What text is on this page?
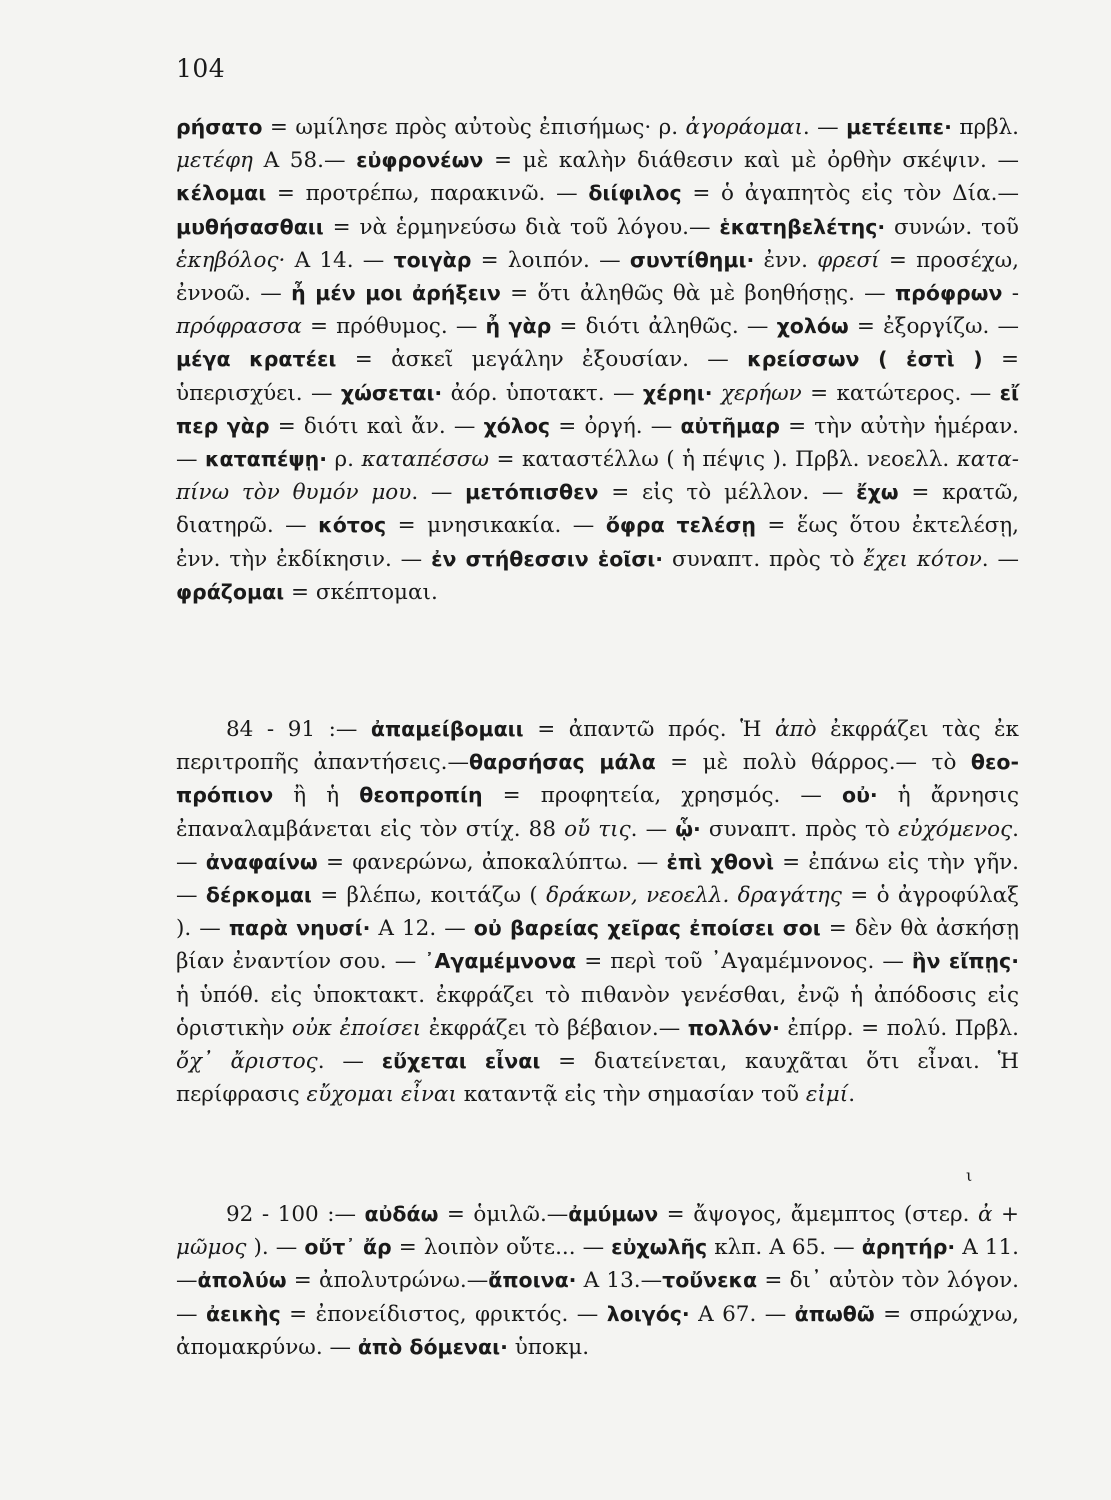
104
ρήσατο = ωμίλησε πρὸς αὐτοὺς ἐπισήμως· ρ. ἀγοράομαι. — μετέειπε· πρβλ. μετέφη Α 58.— εὐφρονέων = μὲ καλὴν διάθεσιν καὶ μὲ ὀρθὴν σκέψιν. — κέλομαι = προτρέπω, παρακινῶ. — διίφιλος = ὁ ἀγαπητὸς εἰς τὸν Δία.— μυθήσασθαιι = νὰ ἑρμηνεύσω διὰ τοῦ λόγου.— ἑκατηβελέτης· συνών. τοῦ ἑκηβόλος· Α 14. — τοιγὰρ = λοιπόν. — συντίθημι· ἐνν. φρεσί = προσέχω, ἐννοῶ. — ἦ μέν μοι ἀρήξειν = ὅτι ἀληθῶς θὰ μὲ βοηθήσῃς. — πρόφρων - πρόφρασσα = πρόθυμος. — ἦ γὰρ = διότι ἀληθῶς. — χολόω = ἐξοργίζω. — μέγα κρατέει = ἀσκεῖ μεγάλην ἐξουσίαν. — κρείσσων ( ἐστὶ ) = ὑπερισχύει. — χώσεται· ἀόρ. ὑποτακτ. — χέρηι· χερήων = κατώτερος. — εἴ περ γὰρ = διότι καὶ ἄν. — χόλος = ὀργή. — αὐτῆμαρ = τὴν αὐτὴν ἡμέραν. — καταπέψῃ· ρ. καταπέσσω = καταστέλλω ( ἡ πέψις ). Πρβλ. νεοελλ. καταπίνω τὸν θυμόν μου. — μετόπισθεν = εἰς τὸ μέλλον. — ἔχω = κρατῶ, διατηρῶ. — κότος = μνησικακία. — ὄφρα τελέσῃ = ἕως ὅτου ἐκτελέσῃ, ἐνν. τὴν ἐκδίκησιν. — ἐν στήθεσσιν ἑοῖσι· συναπτ. πρὸς τὸ ἔχει κότον. — φράζομαι = σκέπτομαι.
84 - 91 :— ἀπαμείβομαιι = ἀπαντῶ πρός. Ἡ ἀπὸ ἐκφράζει τὰς ἐκ περιτροπῆς ἀπαντήσεις.—θαρσήσας μάλα = μὲ πολὺ θάρρος.— τὸ θεοπρόπιον ἢ ἡ θεοπροπίη = προφητεία, χρησμός. — οὐ· ἡ ἄρνησις ἐπαναλαμβάνεται εἰς τὸν στίχ. 88 οὔ τις. — ᾧ· συναπτ. πρὸς τὸ εὐχόμενος. — ἀναφαίνω = φανερώνω, ἀποκαλύπτω. — ἐπὶ χθονὶ = ἐπάνω εἰς τὴν γῆν. — δέρκομαι = βλέπω, κοιτάζω ( δράκων, νεοελλ. δραγάτης = ὁ ἀγροφύλαξ ). — παρὰ νηυσί· Α 12. — οὐ βαρείας χεῖρας ἐποίσει σοι = δὲν θὰ ἀσκήσῃ βίαν ἐναντίον σου. — ᾿Αγαμέμνονα = περὶ τοῦ ᾿Αγαμέμνονος. — ἢν εἴπῃς· ἡ ὑπόθ. εἰς ὑποκτακτ. ἐκφράζει τὸ πιθανὸν γενέσθαι, ἐνῷ ἡ ἀπόδοσις εἰς ὁριστικὴν οὐκ ἐποίσει ἐκφράζει τὸ βέβαιον.— πολλόν· ἐπίρρ. = πολύ. Πρβλ. ὄχ᾿ ἄριστος. — εὔχεται εἶναι = διατείνεται, καυχᾶται ὅτι εἶναι. Ἡ περίφρασις εὔχομαι εἶναι καταντᾷ εἰς τὴν σημασίαν τοῦ εἰμί.
ι
92 - 100 :— αὐδάω = ὁμιλῶ.—ἀμύμων = ἄψογος, ἄμεμπτος (στερ. ἀ + μῶμος ). — οὔτ᾿ ἄρ = λοιπὸν οὔτε... — εὐχωλῆς κλπ. Α 65. — ἀρητήρ· Α 11.—ἀπολύω = ἀπολυτρώνω.—ἄποινα· Α 13.—τοὔνεκα = δι᾿ αὐτὸν τὸν λόγον. — ἀεικὴς = ἐπονείδιστος, φρικτός. — λοιγός· Α 67. — ἀπωθῶ = σπρώχνω, ἀπομακρύνω. — ἀπὸ δόμεναι· ὑποκμ.
